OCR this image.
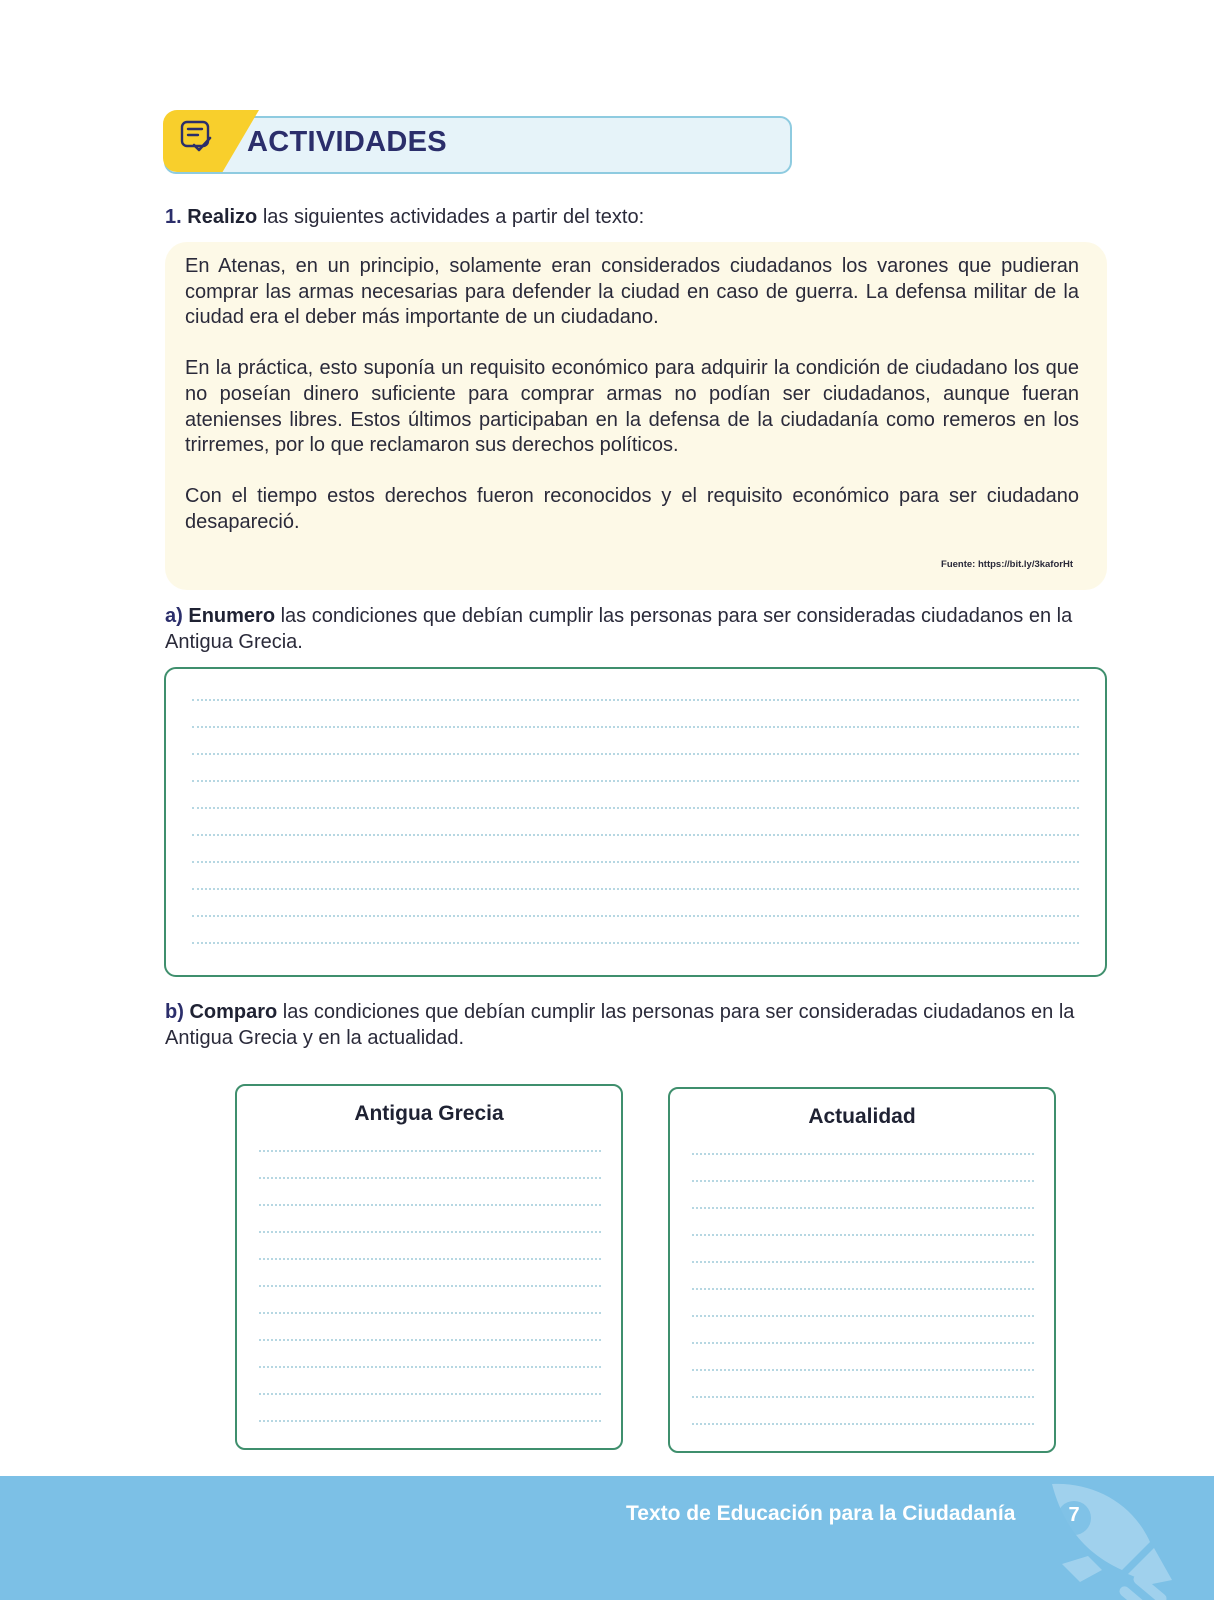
ACTIVIDADES
1. Realizo las siguientes actividades a partir del texto:

En Atenas, en un principio, solamente eran considerados ciudadanos los varones que pudieran comprar las armas necesarias para defender la ciudad en caso de guerra. La defensa militar de la ciudad era el deber más importante de un ciudadano.

En la práctica, esto suponía un requisito económico para adquirir la condición de ciudadano los que no poseían dinero suficiente para comprar armas no podían ser ciudadanos, aunque fueran atenienses libres. Estos últimos participaban en la defensa de la ciudadanía como remeros en los trirremes, por lo que reclamaron sus derechos políticos.

Con el tiempo estos derechos fueron reconocidos y el requisito económico para ser ciudadano desapareció.

Fuente: https://bit.ly/3kaforHt
a) Enumero las condiciones que debían cumplir las personas para ser consideradas ciudadanos en la Antigua Grecia.
b) Comparo las condiciones que debían cumplir las personas para ser consideradas ciudadanos en la Antigua Grecia y en la actualidad.
Antigua Grecia	Actualidad
Texto de Educación para la Ciudadanía	7
